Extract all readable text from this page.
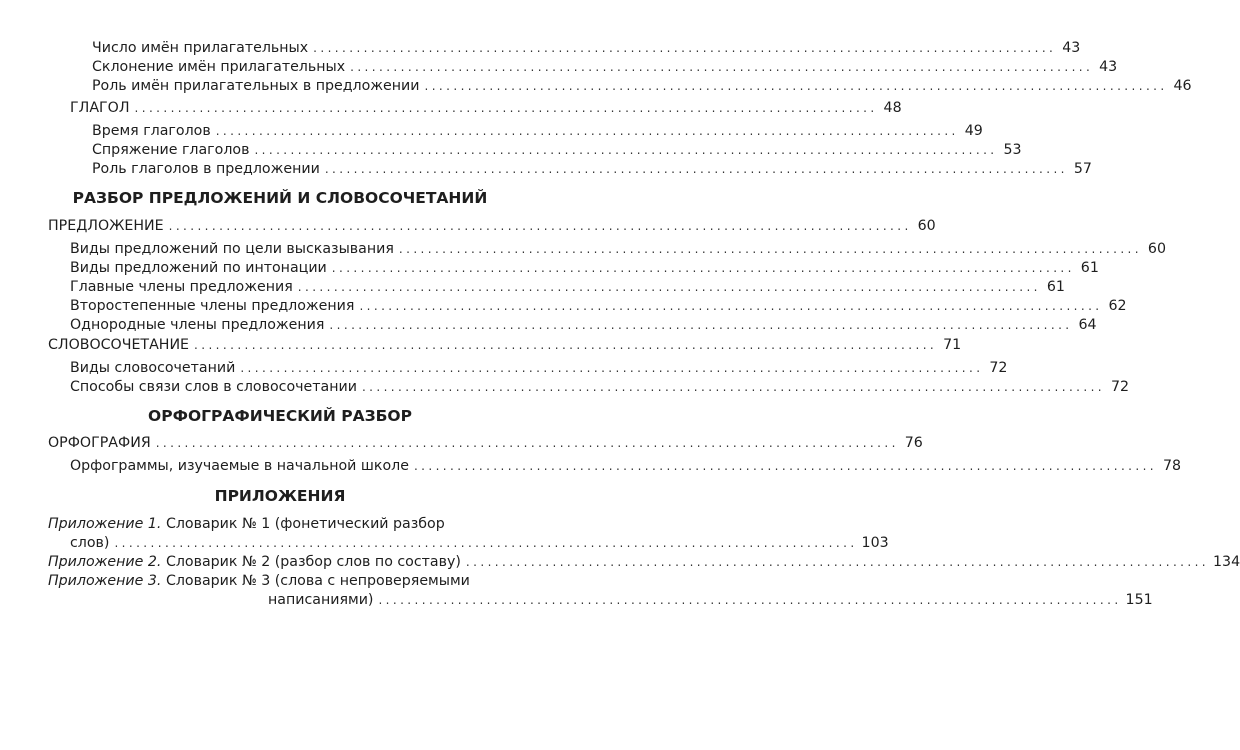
Число имён прилагательных ....................................................................................................... 43
Склонение имён прилагательных ....................................................................................................... 43
Роль имён прилагательных в предложении ....................................................................................................... 46
ГЛАГОЛ ....................................................................................................... 48
Время глаголов ....................................................................................................... 49
Спряжение глаголов ....................................................................................................... 53
Роль глаголов в предложении ....................................................................................................... 57
РАЗБОР ПРЕДЛОЖЕНИЙ И СЛОВОСОЧЕТАНИЙ
ПРЕДЛОЖЕНИЕ ....................................................................................................... 60
Виды предложений по цели высказывания ....................................................................................................... 60
Виды предложений по интонации ....................................................................................................... 61
Главные члены предложения ....................................................................................................... 61
Второстепенные члены предложения ....................................................................................................... 62
Однородные члены предложения ....................................................................................................... 64
СЛОВОСОЧЕТАНИЕ ....................................................................................................... 71
Виды словосочетаний ....................................................................................................... 72
Способы связи слов в словосочетании ....................................................................................................... 72
ОРФОГРАФИЧЕСКИЙ РАЗБОР
ОРФОГРАФИЯ ....................................................................................................... 76
Орфограммы, изучаемые в начальной школе ....................................................................................................... 78
ПРИЛОЖЕНИЯ
Приложение 1. Словарик № 1 (фонетический разбор
слов) ....................................................................................................... 103
Приложение 2. Словарик № 2 (разбор слов по составу) ....................................................................................................... 134
Приложение 3. Словарик № 3 (слова с непроверяемыми
написаниями) ....................................................................................................... 151
